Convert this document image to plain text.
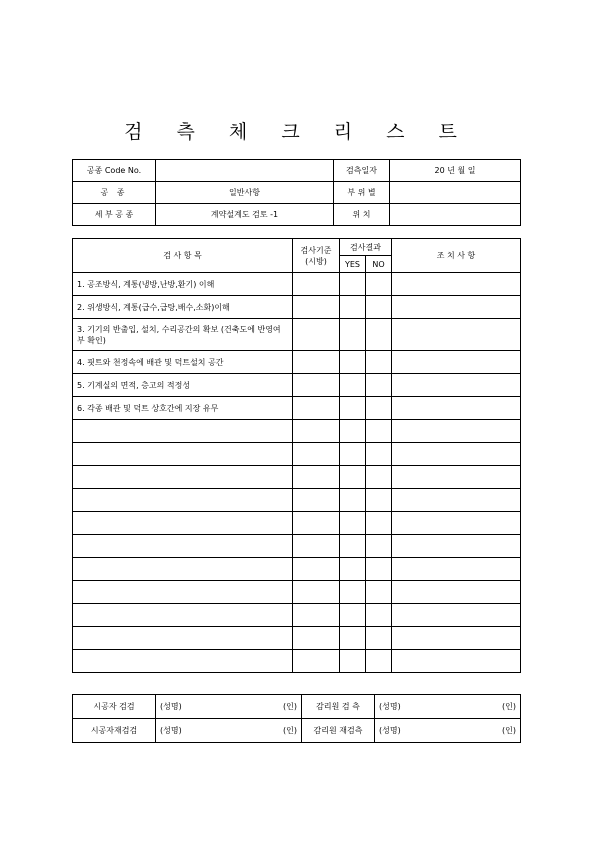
검 측 체 크 리 스 트
공종 Code No.		검측일자	20 년 월 일
공 종	일반사항	부 위 별	
세 부 공 종	계약설계도 검토 -1	위 치	
검 사 항 목	검사기준 (시방)	검사결과		조 치 사 항
		YES	NO	
1. 공조방식, 계통(냉방,난방,환기) 이해				
2. 위생방식, 계통(급수,급탕,배수,소화)이해				
3. 기기의 반출입, 설치, 수리공간의 확보 (건축도에 반영여부 확인)				
4. 핏트와 천정속에 배관 및 덕트설치 공간				
5. 기계실의 면적, 층고의 적정성				
6. 각종 배관 및 덕트 상호간에 지장 유무				

시공자 검검	(성명) (인)	감리원 검 측	(성명) (인)

시공자재검검	(성명) (인)	감리원 재검측	(성명) (인)
